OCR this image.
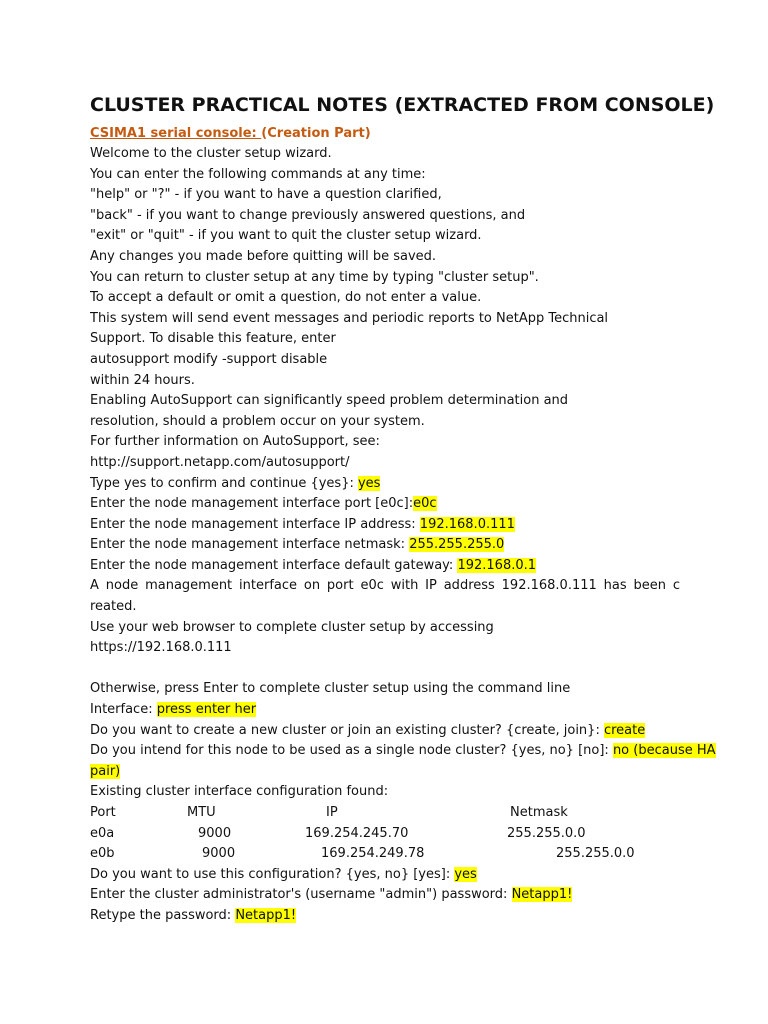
CLUSTER PRACTICAL NOTES (EXTRACTED FROM CONSOLE)
CSIMA1 serial console: (Creation Part)
Welcome to the cluster setup wizard.
You can enter the following commands at any time:
"help" or "?" - if you want to have a question clarified,
"back" - if you want to change previously answered questions, and
"exit" or "quit" - if you want to quit the cluster setup wizard.
Any changes you made before quitting will be saved.
You can return to cluster setup at any time by typing "cluster setup".
To accept a default or omit a question, do not enter a value.
This system will send event messages and periodic reports to NetApp Technical
Support. To disable this feature, enter
autosupport modify -support disable
within 24 hours.
Enabling AutoSupport can significantly speed problem determination and
resolution, should a problem occur on your system.
For further information on AutoSupport, see:
http://support.netapp.com/autosupport/
Type yes to confirm and continue {yes}: yes
Enter the node management interface port [e0c]:e0c
Enter the node management interface IP address: 192.168.0.111
Enter the node management interface netmask: 255.255.255.0
Enter the node management interface default gateway: 192.168.0.1
A node management interface on port e0c with IP address 192.168.0.111 has been c
reated.
Use your web browser to complete cluster setup by accessing
https://192.168.0.111

Otherwise, press Enter to complete cluster setup using the command line
Interface: press enter her
Do you want to create a new cluster or join an existing cluster? {create, join}: create
Do you intend for this node to be used as a single node cluster? {yes, no} [no]: no (because HA
pair)
Existing cluster interface configuration found:
Port	MTU	IP	Netmask
e0a	9000	169.254.245.70	255.255.0.0
e0b	9000	169.254.249.78	255.255.0.0
Do you want to use this configuration? {yes, no} [yes]: yes
Enter the cluster administrator's (username "admin") password: Netapp1!
Retype the password: Netapp1!
